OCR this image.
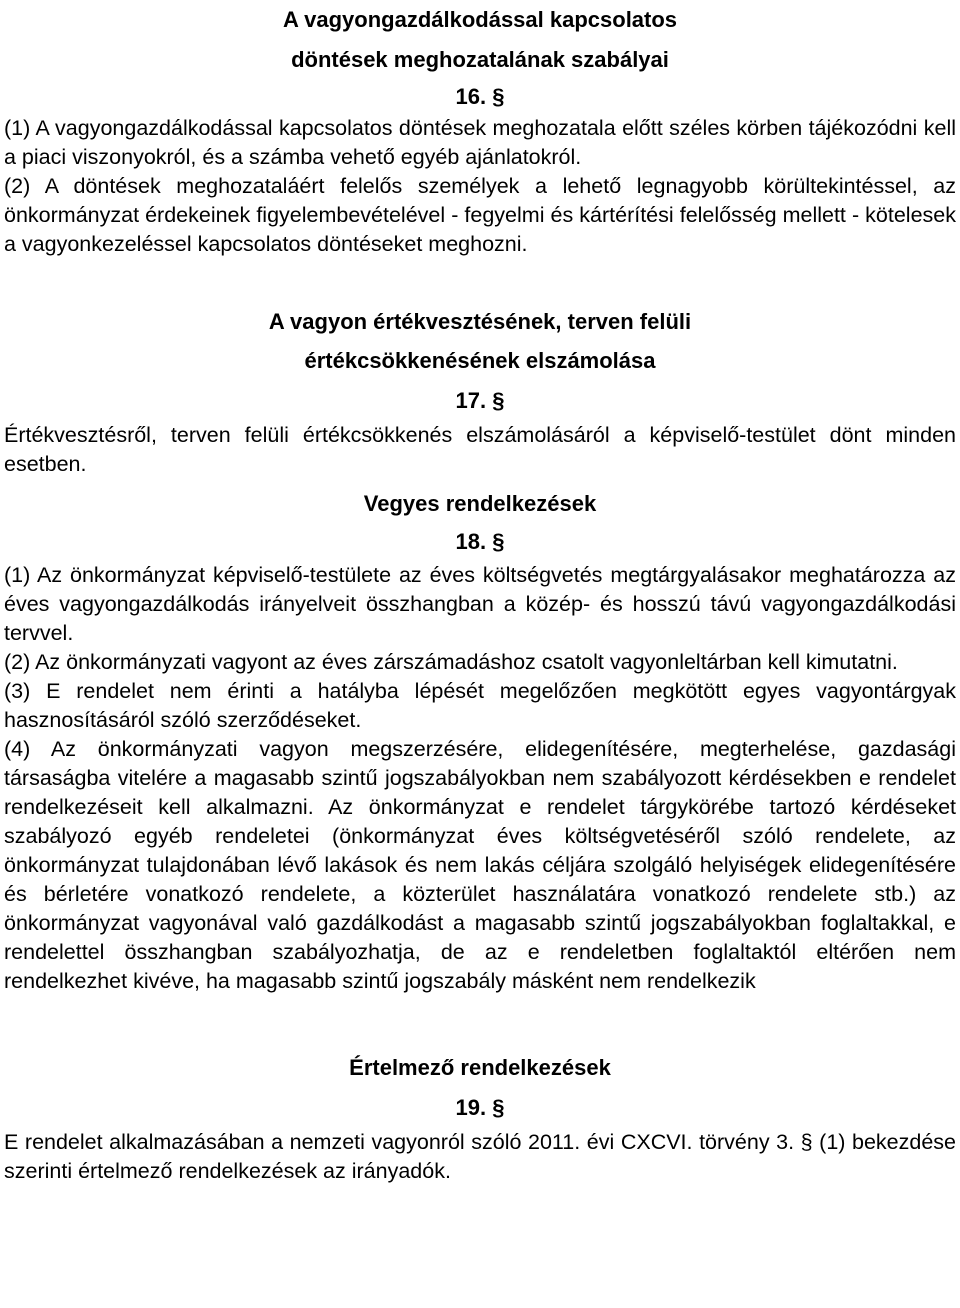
A vagyongazdálkodással kapcsolatos

döntések meghozatalának szabályai

16. §

(1) A vagyongazdálkodással kapcsolatos döntések meghozatala előtt széles körben tájékozódni kell a piaci viszonyokról, és a számba vehető egyéb ajánlatokról.

(2) A döntések meghozataláért felelős személyek a lehető legnagyobb körültekintéssel, az önkormányzat érdekeinek figyelembevételével - fegyelmi és kártérítési felelősség mellett - kötelesek a vagyonkezeléssel kapcsolatos döntéseket meghozni.

A vagyon értékvesztésének, terven felüli

értékcsökkenésének elszámolása

17. §

Értékvesztésről, terven felüli értékcsökkenés elszámolásáról a képviselő-testület dönt minden esetben.

Vegyes rendelkezések

18. §

(1) Az önkormányzat képviselő-testülete az éves költségvetés megtárgyalásakor meghatározza az éves vagyongazdálkodás irányelveit összhangban a közép- és hosszú távú vagyongazdálkodási tervvel.

(2) Az önkormányzati vagyont az éves zárszámadáshoz csatolt vagyonleltárban kell kimutatni.

(3) E rendelet nem érinti a hatályba lépését megelőzően megkötött egyes vagyontárgyak hasznosításáról szóló szerződéseket.

(4) Az önkormányzati vagyon megszerzésére, elidegenítésére, megterhelése, gazdasági társaságba vitelére a magasabb szintű jogszabályokban nem szabályozott kérdésekben e rendelet rendelkezéseit kell alkalmazni. Az önkormányzat e rendelet tárgykörébe tartozó kérdéseket szabályozó egyéb rendeletei (önkormányzat éves költségvetéséről szóló rendelete, az önkormányzat tulajdonában lévő lakások és nem lakás céljára szolgáló helyiségek elidegenítésére és bérletére vonatkozó rendelete, a közterület használatára vonatkozó rendelete stb.) az önkormányzat vagyonával való gazdálkodást a magasabb szintű jogszabályokban foglaltakkal, e rendelettel összhangban szabályozhatja, de az e rendeletben foglaltaktól eltérően nem rendelkezhet kivéve, ha magasabb szintű jogszabály másként nem rendelkezik

Értelmező rendelkezések

19. §

E rendelet alkalmazásában a nemzeti vagyonról szóló 2011. évi CXCVI. törvény 3. § (1) bekezdése szerinti értelmező rendelkezések az irányadók.
